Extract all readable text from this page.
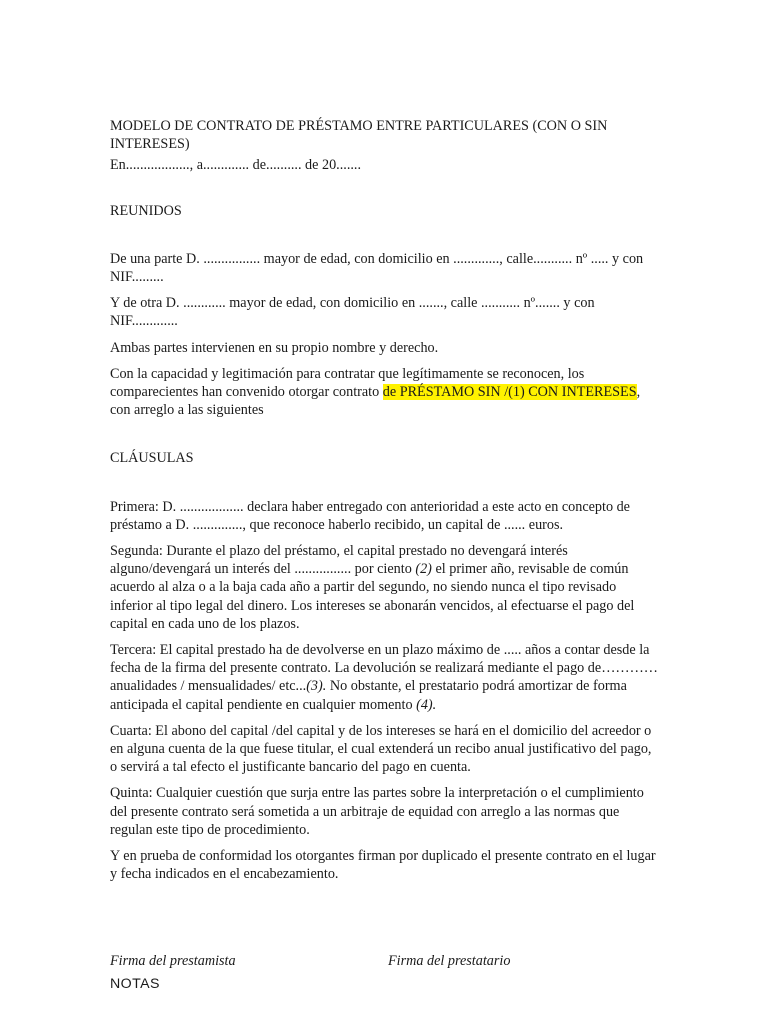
MODELO DE CONTRATO DE PRÉSTAMO ENTRE PARTICULARES (CON O SIN INTERESES)

En.................., a............. de.......... de 20.......

REUNIDOS

De una parte D. ................ mayor de edad, con domicilio en ............., calle........... nº ..... y con NIF.........

Y de otra D. ............ mayor de edad, con domicilio en ......., calle ........... nº....... y con NIF.............

Ambas partes intervienen en su propio nombre y derecho.

Con la capacidad y legitimación para contratar que legítimamente se reconocen, los comparecientes han convenido otorgar contrato de PRÉSTAMO SIN /(1) CON INTERESES, con arreglo a las siguientes

CLÁUSULAS

Primera: D. .................. declara haber entregado con anterioridad a este acto en concepto de préstamo a D. .............., que reconoce haberlo recibido, un capital de ...... euros.

Segunda: Durante el plazo del préstamo, el capital prestado no devengará interés alguno/devengará un interés del ................ por ciento (2) el primer año, revisable de común acuerdo al alza o a la baja cada año a partir del segundo, no siendo nunca el tipo revisado inferior al tipo legal del dinero. Los intereses se abonarán vencidos, al efectuarse el pago del capital en cada uno de los plazos.

Tercera: El capital prestado ha de devolverse en un plazo máximo de ..... años a contar desde la fecha de la firma del presente contrato. La devolución se realizará mediante el pago de………… anualidades / mensualidades/ etc...(3). No obstante, el prestatario podrá amortizar de forma anticipada el capital pendiente en cualquier momento (4).

Cuarta: El abono del capital /del capital y de los intereses se hará en el domicilio del acreedor o en alguna cuenta de la que fuese titular, el cual extenderá un recibo anual justificativo del pago, o servirá a tal efecto el justificante bancario del pago en cuenta.

Quinta: Cualquier cuestión que surja entre las partes sobre la interpretación o el cumplimiento del presente contrato será sometida a un arbitraje de equidad con arreglo a las normas que regulan este tipo de procedimiento.

Y en prueba de conformidad los otorgantes firman por duplicado el presente contrato en el lugar y fecha indicados en el encabezamiento.

Firma del prestamista	Firma del prestatario
NOTAS
